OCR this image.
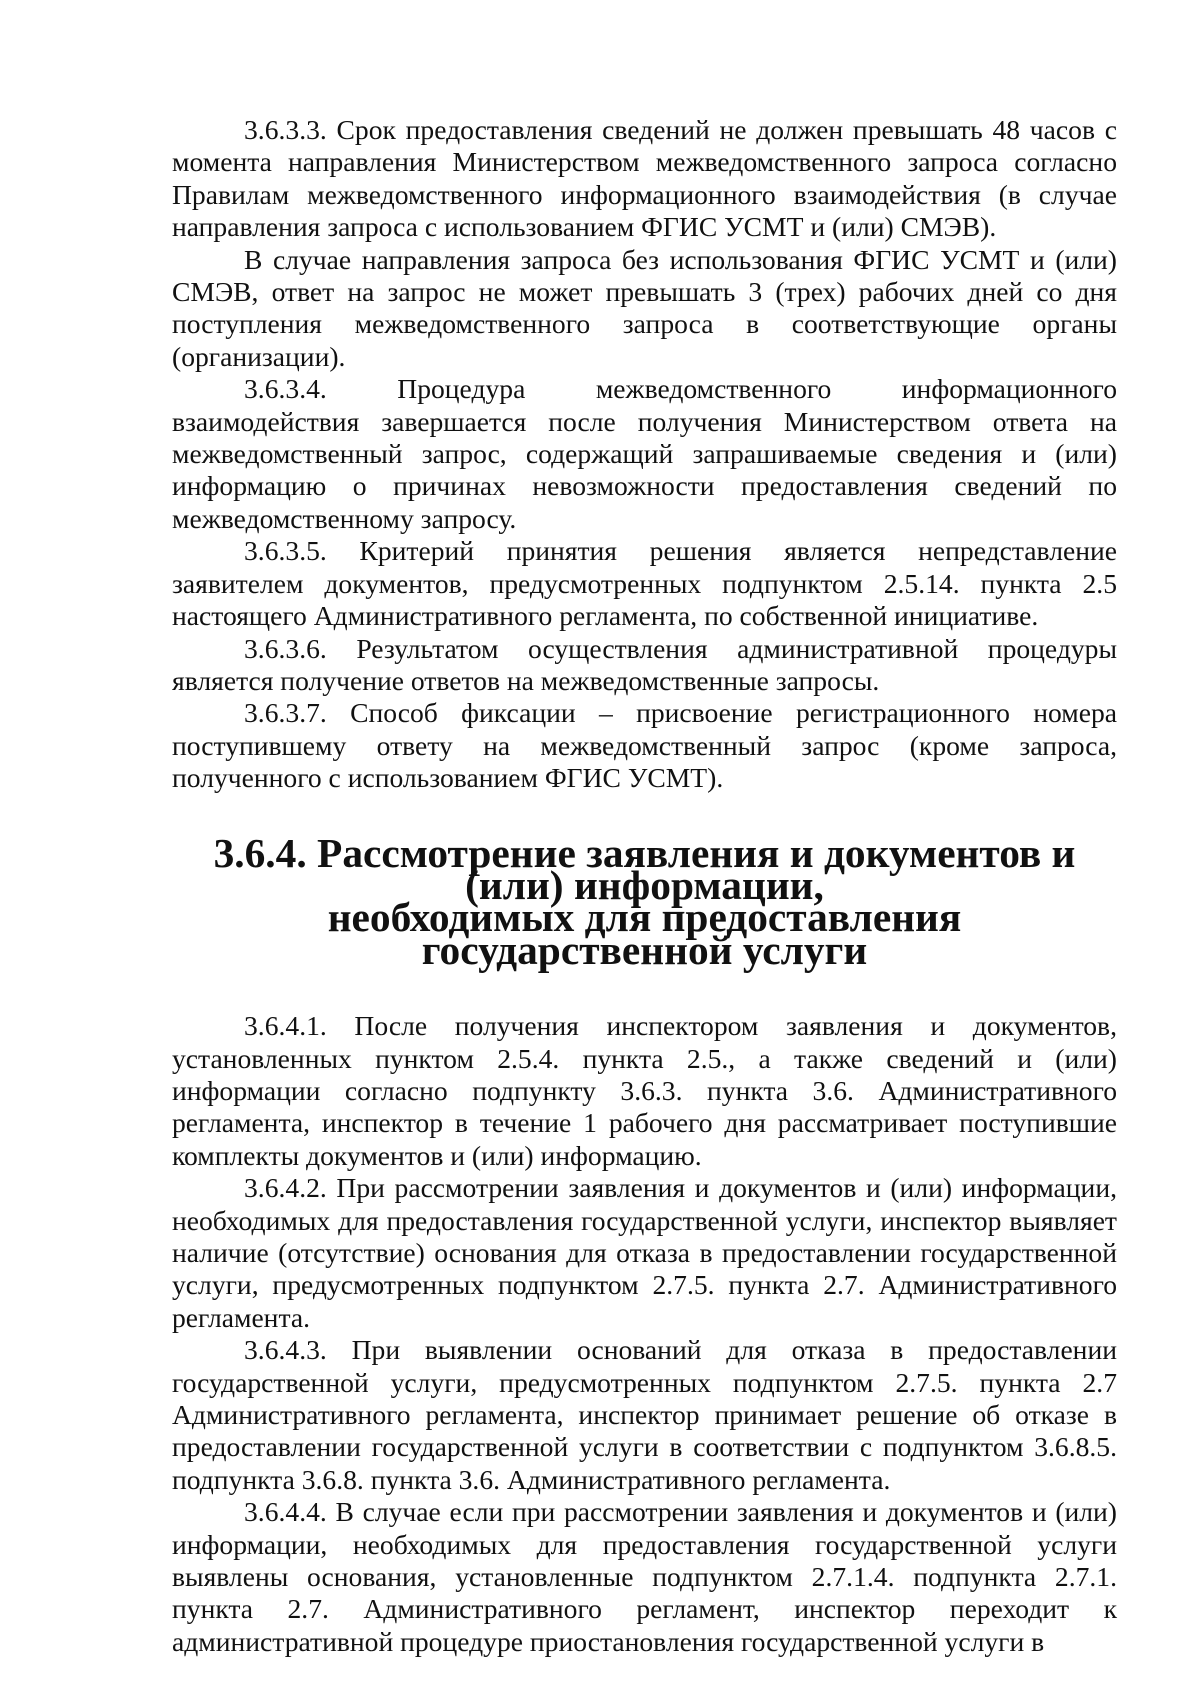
3.6.3.3. Срок предоставления сведений не должен превышать 48 часов с момента направления Министерством межведомственного запроса согласно Правилам межведомственного информационного взаимодействия (в случае направления запроса с использованием ФГИС УСМТ и (или) СМЭВ).

В случае направления запроса без использования ФГИС УСМТ и (или) СМЭВ, ответ на запрос не может превышать 3 (трех) рабочих дней со дня поступления межведомственного запроса в соответствующие органы (организации).

3.6.3.4. Процедура межведомственного информационного взаимодействия завершается после получения Министерством ответа на межведомственный запрос, содержащий запрашиваемые сведения и (или) информацию о причинах невозможности предоставления сведений по межведомственному запросу.

3.6.3.5. Критерий принятия решения является непредставление заявителем документов, предусмотренных подпунктом 2.5.14. пункта 2.5 настоящего Административного регламента, по собственной инициативе.

3.6.3.6. Результатом осуществления административной процедуры является получение ответов на межведомственные запросы.

3.6.3.7. Способ фиксации – присвоение регистрационного номера поступившему ответу на межведомственный запрос (кроме запроса, полученного с использованием ФГИС УСМТ).

3.6.4. Рассмотрение заявления и документов и (или) информации,
необходимых для предоставления государственной услуги

3.6.4.1. После получения инспектором заявления и документов, установленных пунктом 2.5.4. пункта 2.5., а также сведений и (или) информации согласно подпункту 3.6.3. пункта 3.6. Административного регламента, инспектор в течение 1 рабочего дня рассматривает поступившие комплекты документов и (или) информацию.

3.6.4.2. При рассмотрении заявления и документов и (или) информации, необходимых для предоставления государственной услуги, инспектор выявляет наличие (отсутствие) основания для отказа в предоставлении государственной услуги, предусмотренных подпунктом 2.7.5. пункта 2.7. Административного регламента.

3.6.4.3. При выявлении оснований для отказа в предоставлении государственной услуги, предусмотренных подпунктом 2.7.5. пункта 2.7 Административного регламента, инспектор принимает решение об отказе в предоставлении государственной услуги в соответствии с подпунктом 3.6.8.5. подпункта 3.6.8. пункта 3.6. Административного регламента.

3.6.4.4. В случае если при рассмотрении заявления и документов и (или) информации, необходимых для предоставления государственной услуги выявлены основания, установленные подпунктом 2.7.1.4. подпункта 2.7.1. пункта 2.7. Административного регламент, инспектор переходит к административной процедуре приостановления государственной услуги в
